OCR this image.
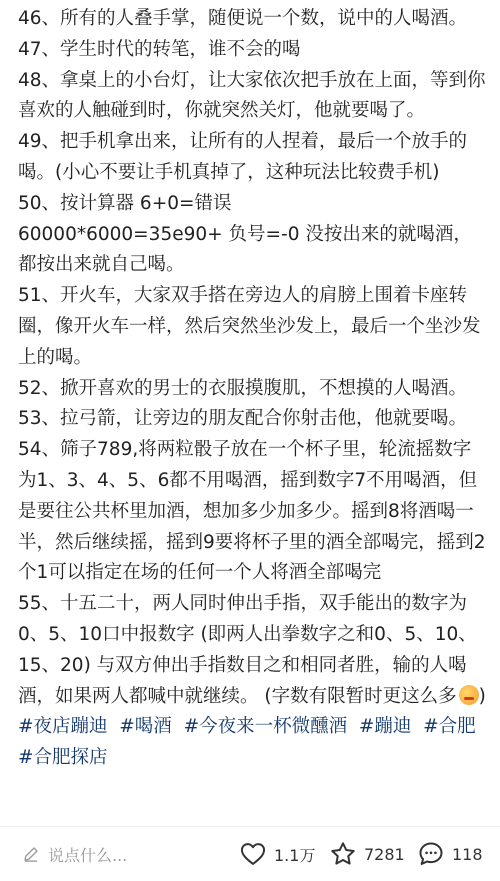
46、所有的人叠手掌，随便说一个数，说中的人喝酒。

47、学生时代的转笔，谁不会的喝

48、拿桌上的小台灯，让大家依次把手放在上面，等到你喜欢的人触碰到时，你就突然关灯，他就要喝了。

49、把手机拿出来，让所有的人捏着，最后一个放手的喝。(小心不要让手机真掉了，这种玩法比较费手机)

50、按计算器 6+0=错误

60000*6000=35e90+ 负号=-0 没按出来的就喝酒，都按出来就自己喝。

51、开火车，大家双手搭在旁边人的肩膀上围着卡座转圈，像开火车一样，然后突然坐沙发上，最后一个坐沙发上的喝。

52、掀开喜欢的男士的衣服摸腹肌，不想摸的人喝酒。

53、拉弓箭，让旁边的朋友配合你射击他，他就要喝。

54、筛子789,将两粒骰子放在一个杯子里，轮流摇数字为1、3、4、5、6都不用喝酒，摇到数字7不用喝酒，但是要往公共杯里加酒，想加多少加多少。摇到8将酒喝一半，然后继续摇，摇到9要将杯子里的酒全部喝完，摇到2个1可以指定在场的任何一个人将酒全部喝完

55、十五二十，两人同时伸出手指，双手能出的数字为0、5、10口中报数字 (即两人出拳数字之和0、5、10、15、20) 与双方伸出手指数目之和相同者胜，输的人喝酒，如果两人都喊中就继续。 (字数有限暂时更这么多 )

#夜店蹦迪 #喝酒 #今夜来一杯微醺酒 #蹦迪 #合肥  #合肥探店

说点什么...	1.1万	7281	118
